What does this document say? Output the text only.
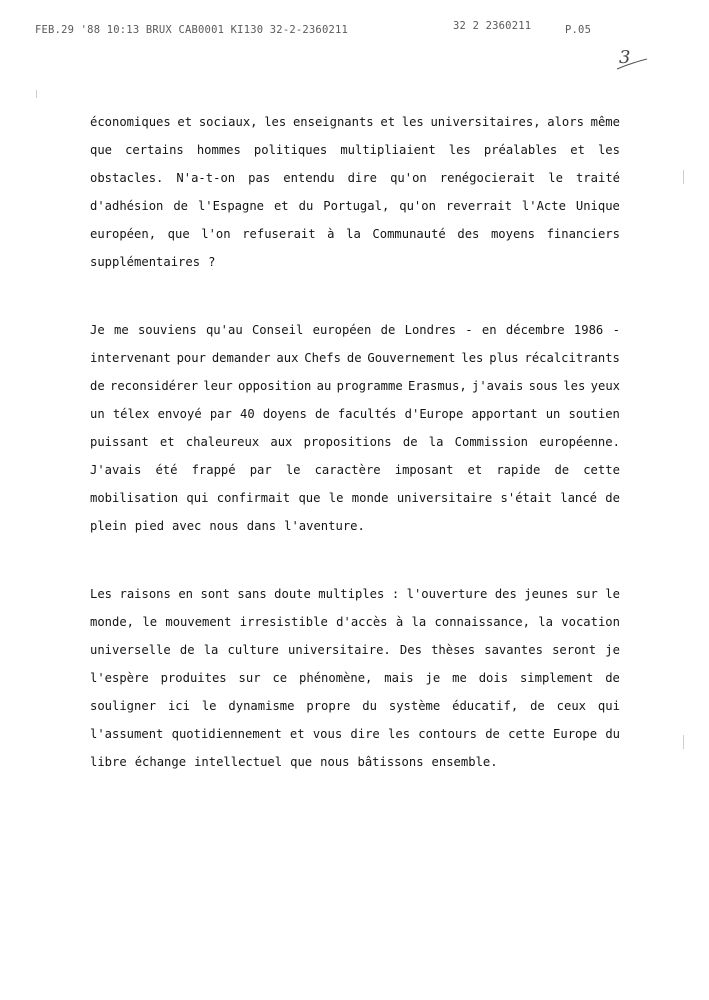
FEB.29 '88 10:13 BRUX CAB0001 KI130 32-2-2360211	32 2 2360211	P.05
3
économiques et sociaux, les enseignants et les universitaires, alors même
que certains hommes politiques multipliaient les préalables et les
obstacles. N'a-t-on pas entendu dire qu'on renégocierait le traité
d'adhésion de l'Espagne et du Portugal, qu'on reverrait l'Acte Unique
européen, que l'on refuserait à la Communauté des moyens financiers
supplémentaires ?
Je me souviens qu'au Conseil européen de Londres - en décembre 1986 -
intervenant pour demander aux Chefs de Gouvernement les plus récalcitrants
de reconsidérer leur opposition au programme Erasmus, j'avais sous les yeux
un télex envoyé par 40 doyens de facultés d'Europe apportant un soutien
puissant et chaleureux aux propositions de la Commission européenne.
J'avais été frappé par le caractère imposant et rapide de cette
mobilisation qui confirmait que le monde universitaire s'était lancé de
plein pied avec nous dans l'aventure.
Les raisons en sont sans doute multiples : l'ouverture des jeunes sur le
monde, le mouvement irresistible d'accès à la connaissance, la vocation
universelle de la culture universitaire. Des thèses savantes seront je
l'espère produites sur ce phénomène, mais je me dois simplement de
souligner ici le dynamisme propre du système éducatif, de ceux qui
l'assument quotidiennement et vous dire les contours de cette Europe du
libre échange intellectuel que nous bâtissons ensemble.
